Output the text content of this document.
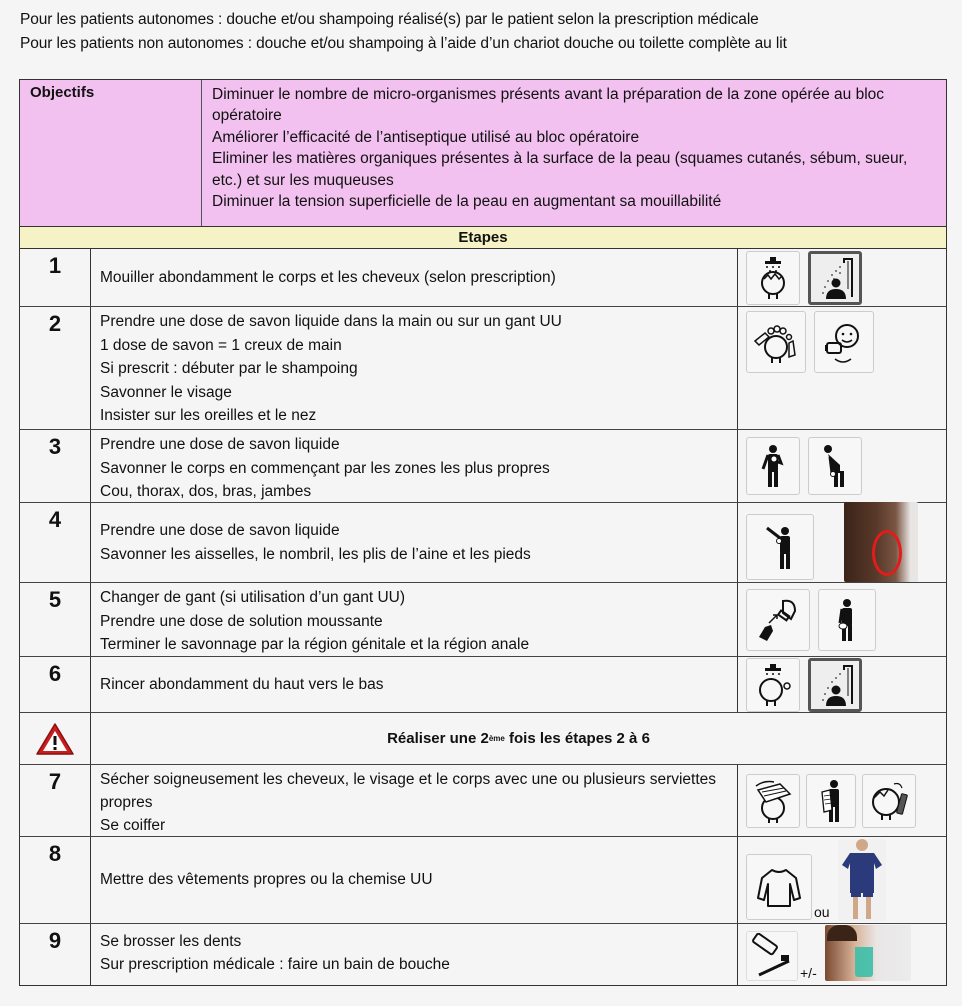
Pour les patients autonomes : douche et/ou shampoing réalisé(s) par le patient selon la prescription médicale
Pour les patients non autonomes : douche et/ou shampoing à l’aide d’un chariot douche ou toilette complète au lit
Objectifs	Diminuer le nombre de micro-organismes présents avant la préparation de la zone opérée au bloc opératoire
Améliorer l’efficacité de l’antiseptique utilisé au bloc opératoire
Eliminer les matières organiques présentes à la surface de la peau (squames cutanés, sébum, sueur, etc.) et sur les muqueuses
Diminuer la tension superficielle de la peau en augmentant sa mouillabilité
Etapes
1	Mouiller abondamment le corps et les cheveux (selon prescription)
2	Prendre une dose de savon liquide dans la main ou sur un gant UU
1 dose de savon = 1 creux de main
Si prescrit : débuter par le shampoing
Savonner le visage
Insister sur les oreilles et le nez
3	Prendre une dose de savon liquide
Savonner le corps en commençant par les zones les plus propres
Cou, thorax, dos, bras, jambes
4	Prendre une dose de savon liquide
Savonner les aisselles, le nombril, les plis de l’aine et les pieds
5	Changer de gant (si utilisation d’un gant UU)
Prendre une dose de solution moussante
Terminer le savonnage par la région génitale et la région anale
6	Rincer abondamment du haut vers le bas
Réaliser une 2 ème fois les étapes 2 à 6
7	Sécher soigneusement les cheveux, le visage et le corps avec une ou plusieurs serviettes propres
Se coiffer
8
Mettre des vêtements propres ou la chemise UU
ou
9	Se brosser les dents
Sur prescription médicale : faire un bain de bouche	+/-
